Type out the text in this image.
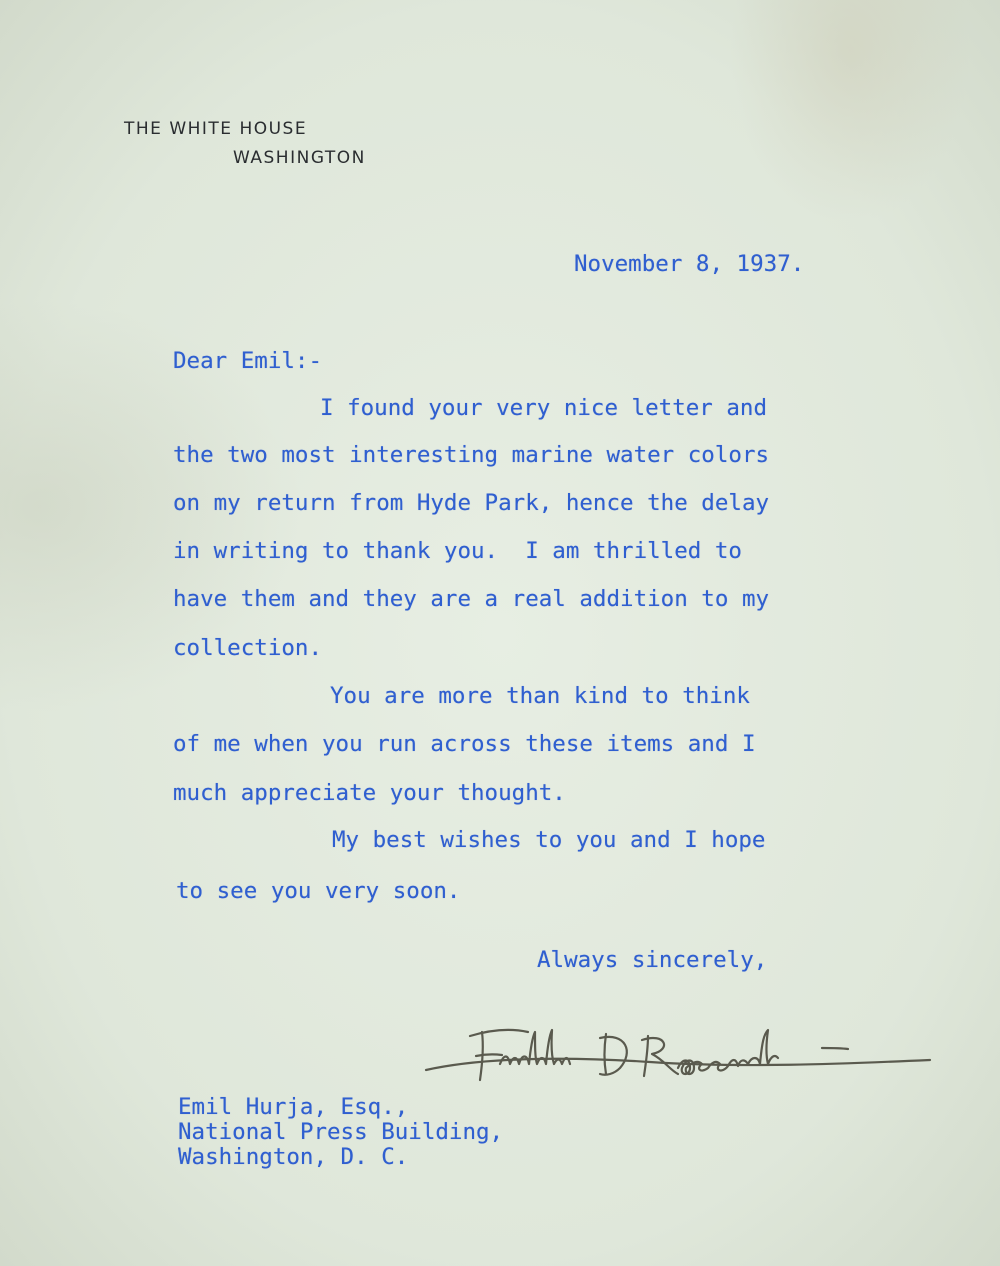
THE WHITE HOUSE
WASHINGTON
November 8, 1937.
Dear Emil:-
I found your very nice letter and
the two most interesting marine water colors
on my return from Hyde Park, hence the delay
in writing to thank you.  I am thrilled to
have them and they are a real addition to my
collection.
You are more than kind to think
of me when you run across these items and I
much appreciate your thought.
My best wishes to you and I hope
to see you very soon.
Always sincerely,
Emil Hurja, Esq.,
National Press Building,
Washington, D. C.
